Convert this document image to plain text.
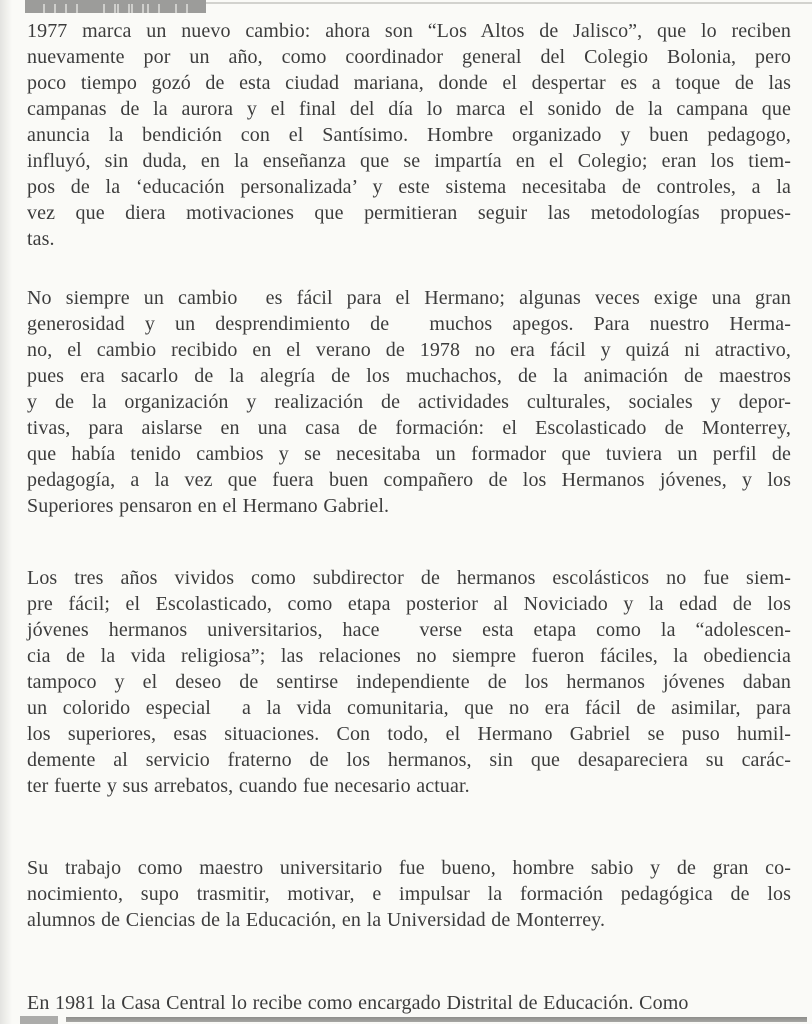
1977 marca un nuevo cambio: ahora son “Los Altos de Jalisco”, que lo reciben
nuevamente por un año, como coordinador general del Colegio Bolonia, pero
poco tiempo gozó de esta ciudad mariana, donde el despertar es a toque de las
campanas de la aurora y el final del día lo marca el sonido de la campana que
anuncia la bendición con el Santísimo. Hombre organizado y buen pedagogo,
influyó, sin duda, en la enseñanza que se impartía en el Colegio; eran los tiem-
pos de la ‘educación personalizada’ y este sistema necesitaba de controles, a la
vez que diera motivaciones que permitieran seguir las metodologías propues-
tas.
No siempre un cambio  es fácil para el Hermano; algunas veces exige una gran
generosidad y un desprendimiento de  muchos apegos. Para nuestro Herma-
no, el cambio recibido en el verano de 1978 no era fácil y quizá ni atractivo,
pues era sacarlo de la alegría de los muchachos, de la animación de maestros
y de la organización y realización de actividades culturales, sociales y depor-
tivas, para aislarse en una casa de formación: el Escolasticado de Monterrey,
que había tenido cambios y se necesitaba un formador que tuviera un perfil de
pedagogía, a la vez que fuera buen compañero de los Hermanos jóvenes, y los
Superiores pensaron en el Hermano Gabriel.
Los tres años vividos como subdirector de hermanos escolásticos no fue siem-
pre fácil; el Escolasticado, como etapa posterior al Noviciado y la edad de los
jóvenes hermanos universitarios, hace  verse esta etapa como la “adolescen-
cia de la vida religiosa”; las relaciones no siempre fueron fáciles, la obediencia
tampoco y el deseo de sentirse independiente de los hermanos jóvenes daban
un colorido especial  a la vida comunitaria, que no era fácil de asimilar, para
los superiores, esas situaciones. Con todo, el Hermano Gabriel se puso humil-
demente al servicio fraterno de los hermanos, sin que desapareciera su carác-
ter fuerte y sus arrebatos, cuando fue necesario actuar.
Su trabajo como maestro universitario fue bueno, hombre sabio y de gran co-
nocimiento, supo trasmitir, motivar, e impulsar la formación pedagógica de los
alumnos de Ciencias de la Educación, en la Universidad de Monterrey.
En 1981 la Casa Central lo recibe como encargado Distrital de Educación. Como
